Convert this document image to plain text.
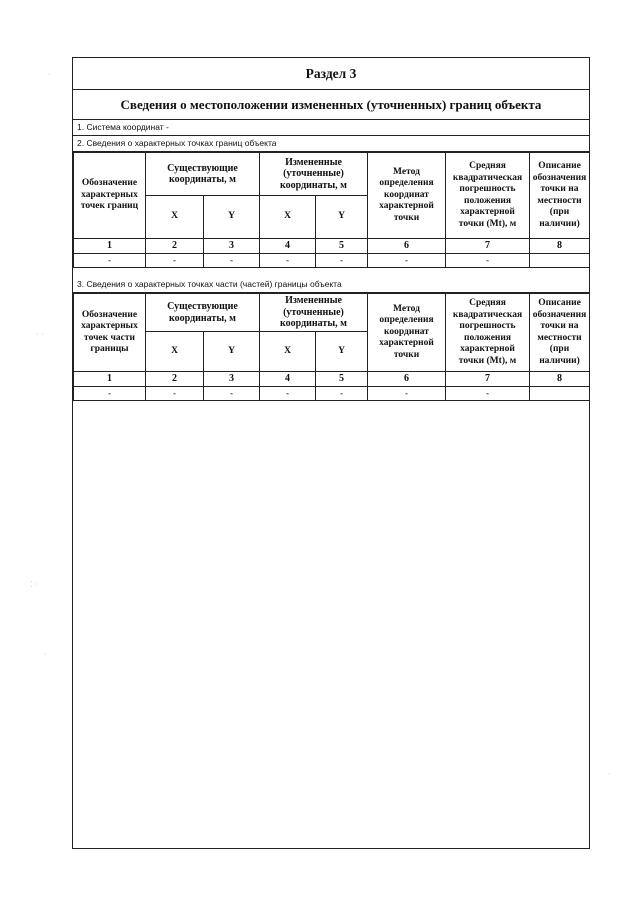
Раздел 3
Сведения о местоположении измененных (уточненных) границ объекта
1. Система координат -
2. Сведения о характерных точках границ объекта
Обозначение характерных точек границ	Существующие координаты, м		Измененные (уточненные) координаты, м		Метод определения координат характерной точки	Средняя квадратическая погрешность положения характерной точки (Mt), м	Описание обозначения точки на местности (при наличии)
	X	Y	X	Y			
1	2	3	4	5	6	7	8
-	-	-	-	-	-	-	
3. Сведения о характерных точках части (частей) границы объекта
Обозначение характерных точек части границы	Существующие координаты, м		Измененные (уточненные) координаты, м		Метод определения координат характерной точки	Средняя квадратическая погрешность положения характерной точки (Mt), м	Описание обозначения точки на местности (при наличии)
	X	Y	X	Y			
1	2	3	4	5	6	7	8
-	-	-	-	-	-	-	
·
· ·
⁚ ·
·
·
